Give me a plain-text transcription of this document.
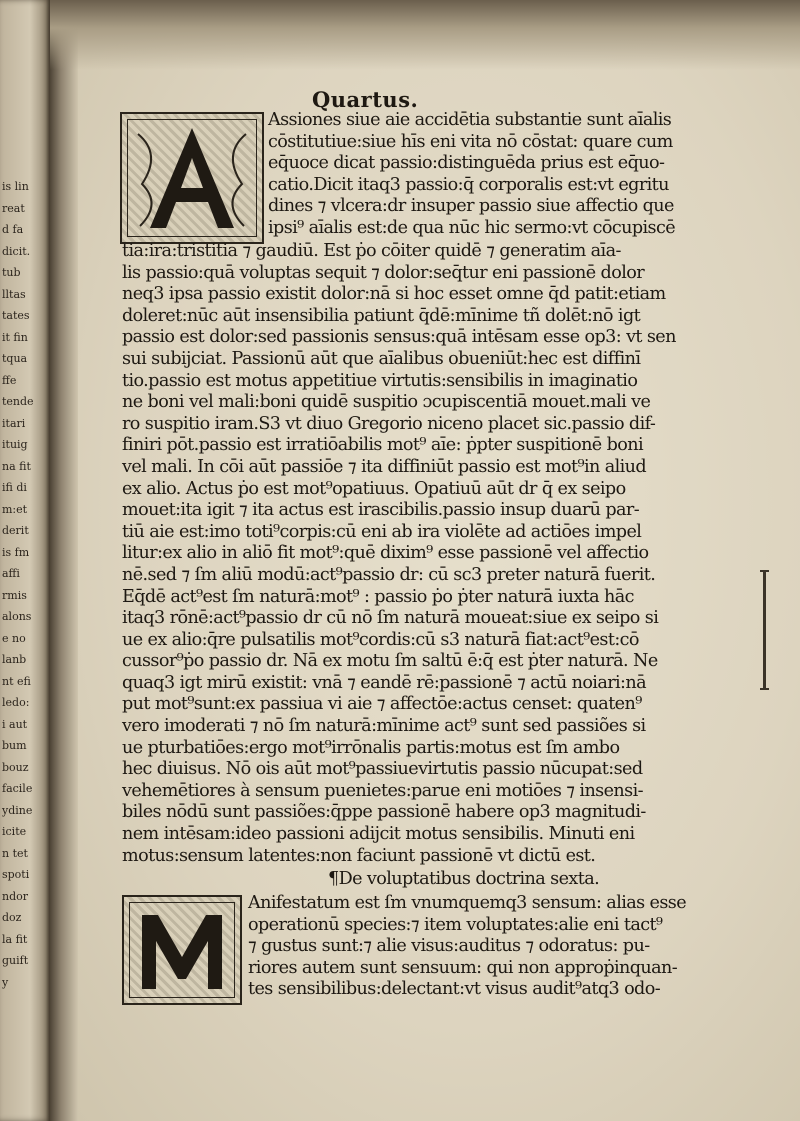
is lin
reat
d fa
dicit.
tub
lltas
tates
it fin
tqua
ffe
tende
itari
ituig
na fit
ifi di
m:et
derit
is fm
affi
rmis
alons
e no
lanb
nt efi
ledo:
i aut
bum
bouz
facile
ydine
icite
n tet
spoti
ndor
doz
la fit
guift
y
Quartus.
Assiones siue aie accidētia substantie sunt aīalis
cōstitutiue:siue hīs eni vita nō cōstat: quare cum
eq̄uoce dicat passio:distinguēda prius est eq̄uo-
catio.Dicit itaq3 passio:q̄ corporalis est:vt egritu
dines ⁊ vlcera:dr insuper passio siue affectio que
ipsi⁹ aīalis est:de qua nūc hic sermo:vt cōcupiscē
tia:ira:tristitia ⁊ gaudiū. Est ṗo cōiter quidē ⁊ generatim aīa-
lis passio:quā voluptas sequit ⁊ dolor:seq̄tur eni passionē dolor
neq3 ipsa passio existit dolor:nā si hoc esset omne q̄d patit:etiam
doleret:nūc aūt insensibilia patiunt q̄dē:mīnime tñ dolēt:nō igt
passio est dolor:sed passionis sensus:quā intēsam esse op3: vt sen
sui subijciat. Passionū aūt que aīalibus obueniūt:hec est diffinī
tio.passio est motus appetitiue virtutis:sensibilis in imaginatio
ne boni vel mali:boni quidē suspitio ɔcupiscentiā mouet.mali ve
ro suspitio iram.S3 vt diuo Gregorio niceno placet sic.passio dif-
finiri pōt.passio est irratiōabilis mot⁹ aīe: ṗpter suspitionē boni
vel mali. In cōi aūt passiōe ⁊ ita diffiniūt passio est mot⁹in aliud
ex alio. Actus ṗo est mot⁹opatiuus. Opatiuū aūt dr q̄ ex seipo
mouet:ita igit ⁊ ita actus est irascibilis.passio insup duarū par-
tiū aie est:imo toti⁹corpis:cū eni ab ira violēte ad actiōes impel
litur:ex alio in aliō fit mot⁹:quē dixim⁹ esse passionē vel affectio
nē.sed ⁊ ſm aliū modū:act⁹passio dr: cū sc3 preter naturā fuerit.
Eq̄dē act⁹est ſm naturā:mot⁹ : passio ṗo ṗter naturā iuxta hāc
itaq3 rōnē:act⁹passio dr cū nō ſm naturā moueat:siue ex seipo si
ue ex alio:q̄re pulsatilis mot⁹cordis:cū s3 naturā fiat:act⁹est:cō
cussor⁹ṗo passio dr. Nā ex motu ſm saltū ē:q̄ est ṗter naturā. Ne
quaq3 igt mirū existit: vnā ⁊ eandē rē:passionē ⁊ actū noiari:nā
put mot⁹sunt:ex passiua vi aie ⁊ affectōe:actus censet: quaten⁹
vero imoderati ⁊ nō ſm naturā:mīnime act⁹ sunt sed passiões si
ue pturbatiōes:ergo mot⁹irrōnalis partis:motus est ſm ambo
hec diuisus. Nō ois aūt mot⁹passiuevirtutis passio nūcupat:sed
vehemētiores à sensum puenietes:parue eni motiōes ⁊ insensi-
biles nōdū sunt passiões:q̄ppe passionē habere op3 magnitudi-
nem intēsam:ideo passioni adijcit motus sensibilis. Minuti eni
motus:sensum latentes:non faciunt passionē vt dictū est.
¶De voluptatibus doctrina sexta.
Anifestatum est ſm vnumquemq3 sensum: alias esse
operationū species:⁊ item voluptates:alie eni tact⁹
⁊ gustus sunt:⁊ alie visus:auditus ⁊ odoratus: pu-
riores autem sunt sensuum: qui non approṗinquan-
tes sensibilibus:delectant:vt visus audit⁹atq3 odo-
